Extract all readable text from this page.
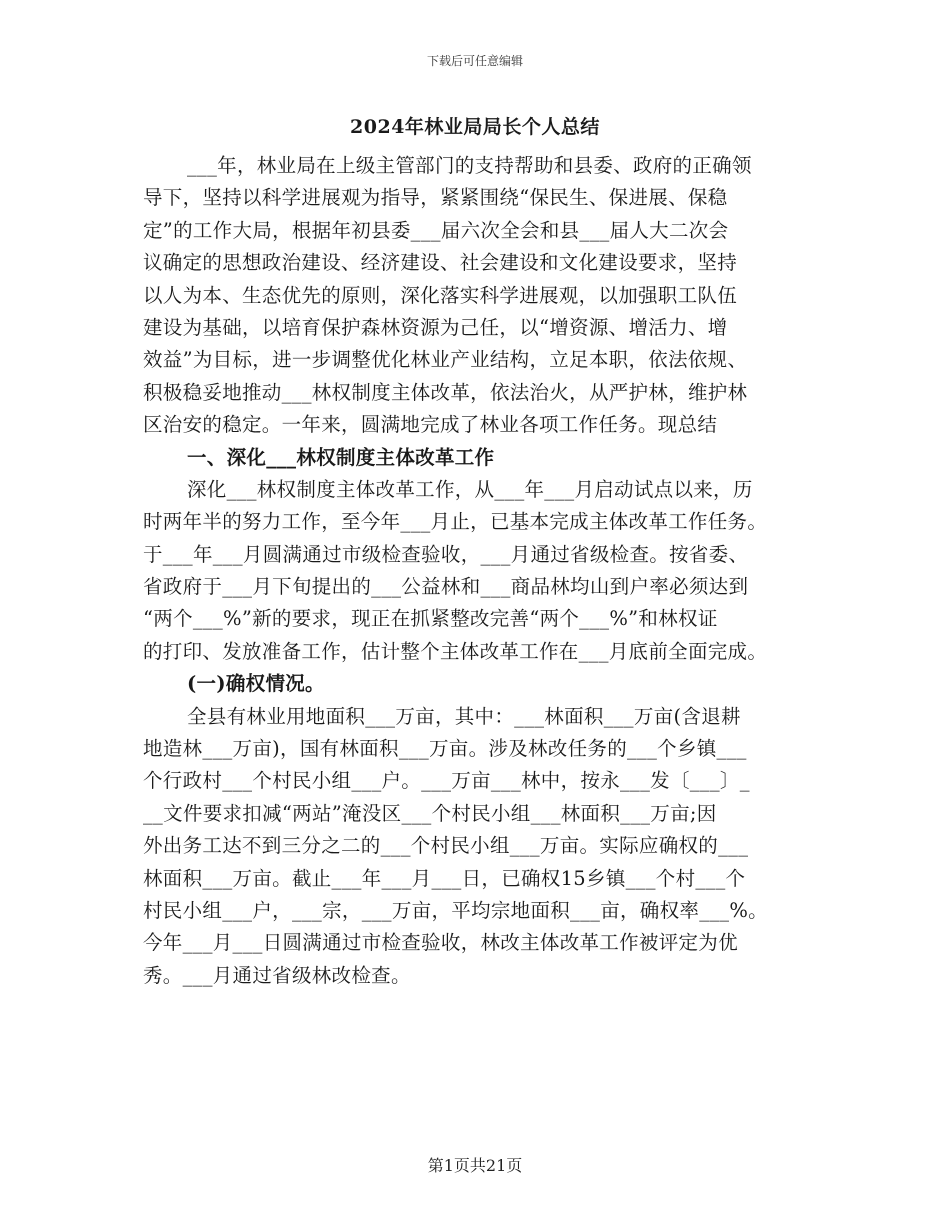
下载后可任意编辑
2024年林业局局长个人总结
___年，林业局在上级主管部门的支持帮助和县委、政府的正确领
导下，坚持以科学进展观为指导，紧紧围绕“保民生、保进展、保稳
定”的工作大局，根据年初县委___届六次全会和县___届人大二次会
议确定的思想政治建设、经济建设、社会建设和文化建设要求，坚持
以人为本、生态优先的原则，深化落实科学进展观，以加强职工队伍
建设为基础，以培育保护森林资源为己任，以“增资源、增活力、增
效益”为目标，进一步调整优化林业产业结构，立足本职，依法依规、
积极稳妥地推动___林权制度主体改革，依法治火，从严护林，维护林
区治安的稳定。一年来，圆满地完成了林业各项工作任务。现总结
一、深化___林权制度主体改革工作
深化___林权制度主体改革工作，从___年___月启动试点以来，历
时两年半的努力工作，至今年___月止，已基本完成主体改革工作任务。
于___年___月圆满通过市级检查验收，___月通过省级检查。按省委、
省政府于___月下旬提出的___公益林和___商品林均山到户率必须达到
“两个___%”新的要求，现正在抓紧整改完善“两个___%”和林权证
的打印、发放准备工作，估计整个主体改革工作在___月底前全面完成。
(一)确权情况。
全县有林业用地面积___万亩，其中：___林面积___万亩(含退耕
地造林___万亩)，国有林面积___万亩。涉及林改任务的___个乡镇___
个行政村___个村民小组___户。___万亩___林中，按永___发〔___〕_
__文件要求扣减“两站”淹没区___个村民小组___林面积___万亩;因
外出务工达不到三分之二的___个村民小组___万亩。实际应确权的___
林面积___万亩。截止___年___月___日，已确权15乡镇___个村___个
村民小组___户，___宗，___万亩，平均宗地面积___亩，确权率___%。
今年___月___日圆满通过市检查验收，林改主体改革工作被评定为优
秀。___月通过省级林改检查。
第1页共21页
